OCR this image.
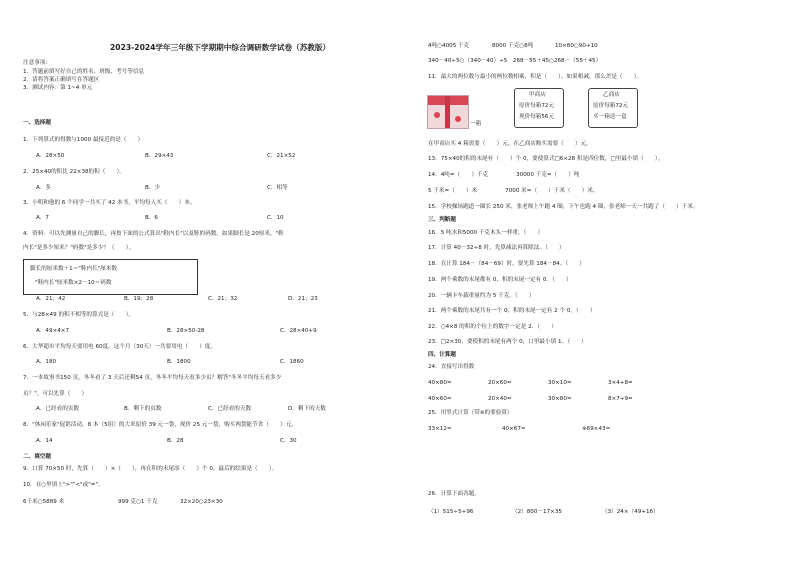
2023-2024学年三年级下学期期中综合调研数学试卷（苏教版）
注意事项：
1．答题前填写好自己的姓名、班级、考号等信息
2．请将答案正确填写在答题区
3．测试内容：第 1~4 单元
一、选择题
1．下列算式的得数与1000 最接近的是（　　）
A．28×50	B．29×43	C．21×52
2．25×40的积比 22×38的积（　　）。
A．多	B．少	C．相等
3．小明和他的 6 个同学一共买了 42 本书，平均每人买（　　）本。
A．7	B．6	C．10
4．资料：可以先测量自己的脚长，再按下面的公式算出"鞋内长"以及鞋的码数。如果脚长是 20厘米，"鞋
内长"是多少厘米？"码数"是多少？（　　）。
脚长的厘米数＋1＝"鞋内长"厘米数
"鞋内长"厘米数×2－10＝码数
A．21；42	B．19；28	C．21；32	D．21；23
5．与28×49 的积不相等的算式是（　　）。
A．49×4×7	B．28×50-28	C．28×40+9
6．大华超市平均每天要用电 60度，这个月（30天）一共要用电（　　）度。
A．180	B．1800	C．1860
7．一本故事书150 页，冬冬看了 3 天后还剩54 页，冬冬平均每天看多少页？解答"冬冬平均每天看多少
页？"，可以先算（　　）
A．已经看的页数	B．剩下的页数	C．已经看的天数	D．剩下的天数
8．"休闲乐家"促销活动，8 本（5组）的大米原价 39 元一袋，现价 25 元一袋，购买两袋能节省（　　）元。
A．14	B．28	C．30
二、填空题
9．口算 70×50 时，先算（　　）×（　　），再在积的末尾添（　　）个 0，最后的结果是（　　）。
10．在○里填上">""<"或"="。
6千米○5889 米	999 克○1 千克	32×20○23×30
4吨○4005 千克	8000 千克○8吨	10×80○90+10
340－40÷5○（340－40）÷5　268－55＋45○268－（55＋45）
11．最大的两位数与最小的两位数相乘，积是（　　），如果相减，那么差是（　　）。
一箱
甲商店
原价每箱72元
现价每箱56元
乙商店
原价每箱72元
买一箱送一盒
在甲商店买 4 箱需要（　　）元，在乙商店购买需要（　　）元。
13．75×40的积的末尾有（　　）个 0，要使算式□6×28 积是四位数，□里最小填（　　）。
14．4吨=（　　）千克　　　　　30000 千克=（　　）吨
5 千米=（　　）米　　　　　7000 米=（　　）千米（　　）米。
15．学校操场跑道一圈长 250 米，张老师上午跑 4 圈，下午也跑 4 圈，张老师一天一共跑了（　　）千米。
三、判断题
16．5 吨水和5000 千克木头一样重。（　　）
17．计算 40－32÷8 时，先算减法再算除法。（　　）
18．在计算 184－（84－69）时，要先算 184－84。（　　）
19．两个乘数的末尾都有 0，积的末尾一定有 0。（　　）
20．一辆卡车载重量约为 5 千克。（　　）
21．两个乘数的末尾共有一个 0，积的末尾一定有 2 个 0。（　　）
22．○4×8 的积的个位上的数字一定是 2．（　　）
23．□2×30，要使积的末尾有两个 0，口里最小填 1。（　　）
四、计算题
24．直接写出得数
40×80=	20×60=	30×10=	3×4+8=
40×60=	20×40=	30×80=	8×7+9=
25．用竖式计算（带※的要验算）
33×12=	40×67=	※69×43=
26．计算下面各题。
（1）515÷5+96	（2）800－17×35	（3）24×（49+16）
